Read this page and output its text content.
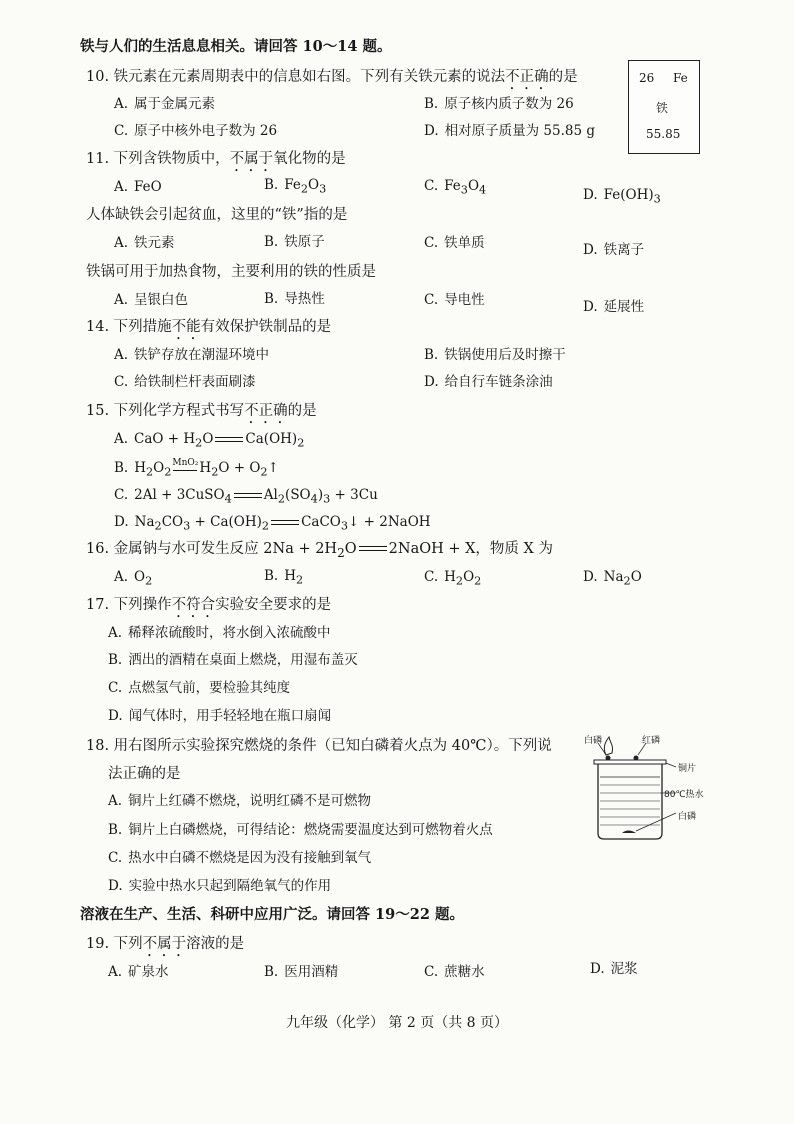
铁与人们的生活息息相关。请回答 10～14 题。
10. 铁元素在元素周期表中的信息如右图。下列有关铁元素的说法不正确的是
A. 属于金属元素	B. 原子核内质子数为 26
C. 原子中核外电子数为 26	D. 相对原子质量为 55.85 g
26 Fe
铁
55.85
11. 下列含铁物质中，不属于氧化物的是
A. FeO	B. $Fe_2O_3$	C. $Fe_3O_4$	D. $Fe(OH)_3$
人体缺铁会引起贫血，这里的“铁”指的是
A. 铁元素	B. 铁原子	C. 铁单质	D. 铁离子
铁锅可用于加热食物，主要利用的铁的性质是
A. 呈银白色	B. 导热性	C. 导电性	D. 延展性
14. 下列措施不能有效保护铁制品的是
A. 铁铲存放在潮湿环境中	B. 铁锅使用后及时擦干
C. 给铁制栏杆表面刷漆	D. 给自行车链条涂油
15. 下列化学方程式书写不正确的是
A. CaO + $H_2O$ $Ca(OH)_2$
B. $H_2O_2$
MnO₂ $H_2O$ + $O_2↑$
C. 2Al + 3CuSO$_4$ $Al_2(SO_4)_3 + 3Cu$
D. $Na_2CO_3 + Ca(OH)_2$ CaCO$_3$↓ + 2NaOH
16. 金属钠与水可发生反应 $2Na + 2H_2O$ 2NaOH + X，物质 X 为
A. $O_2$	B. $H_2$	C. $H_2O_2$	D. $Na_2O$
17. 下列操作不符合实验安全要求的是
A. 稀释浓硫酸时，将水倒入浓硫酸中
B. 洒出的酒精在桌面上燃烧，用湿布盖灭
C. 点燃氢气前，要检验其纯度
D. 闻气体时，用手轻轻地在瓶口扇闻
18. 用右图所示实验探究燃烧的条件（已知白磷着火点为 40℃）。下列说
法正确的是
A. 铜片上红磷不燃烧，说明红磷不是可燃物
B. 铜片上白磷燃烧，可得结论：燃烧需要温度达到可燃物着火点
C. 热水中白磷不燃烧是因为没有接触到氧气
D. 实验中热水只起到隔绝氧气的作用
白磷	红磷
铜片
80℃热水
白磷
溶液在生产、生活、科研中应用广泛。请回答 19～22 题。
19. 下列不属于溶液的是
A. 矿泉水	B. 医用酒精	C. 蔗糖水	D. 泥浆
九年级（化学） 第 2 页（共 8 页）
